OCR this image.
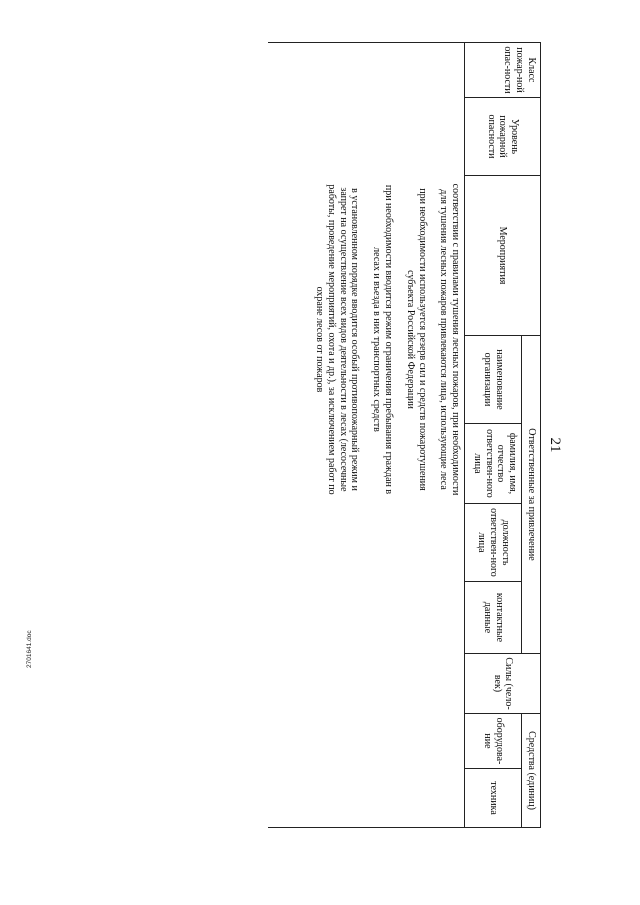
21
Класс пожар-ной опас-ности	Уровень пожарной опасности	Мероприятия	Ответственные за привлечение				Силы (чело-век)	Средства (единиц)	
			наименование организации	фамилия, имя, отчество ответствен-ного лица	должность ответствен-ного лица	контактные данные			
								оборудова-ние	техника

		соответствии с правилами тушения лесных пожаров, при необходимости для тушения лесных пожаров привлекаются лица, использующие леса

при необходимости используется резерв сил и средств пожаротушения субъекта Российской Федерации

при необходимости вводится режим ограничения пребывания граждан в лесах и въезда в них транспортных средств

в установленном порядке вводится особый противопожарный режим и запрет на осуществление всех видов деятельности в лесах (лесосечные работы, проведение мероприятий, охота и др.), за исключением работ по охране лесов от пожаров							

2701641.doc
